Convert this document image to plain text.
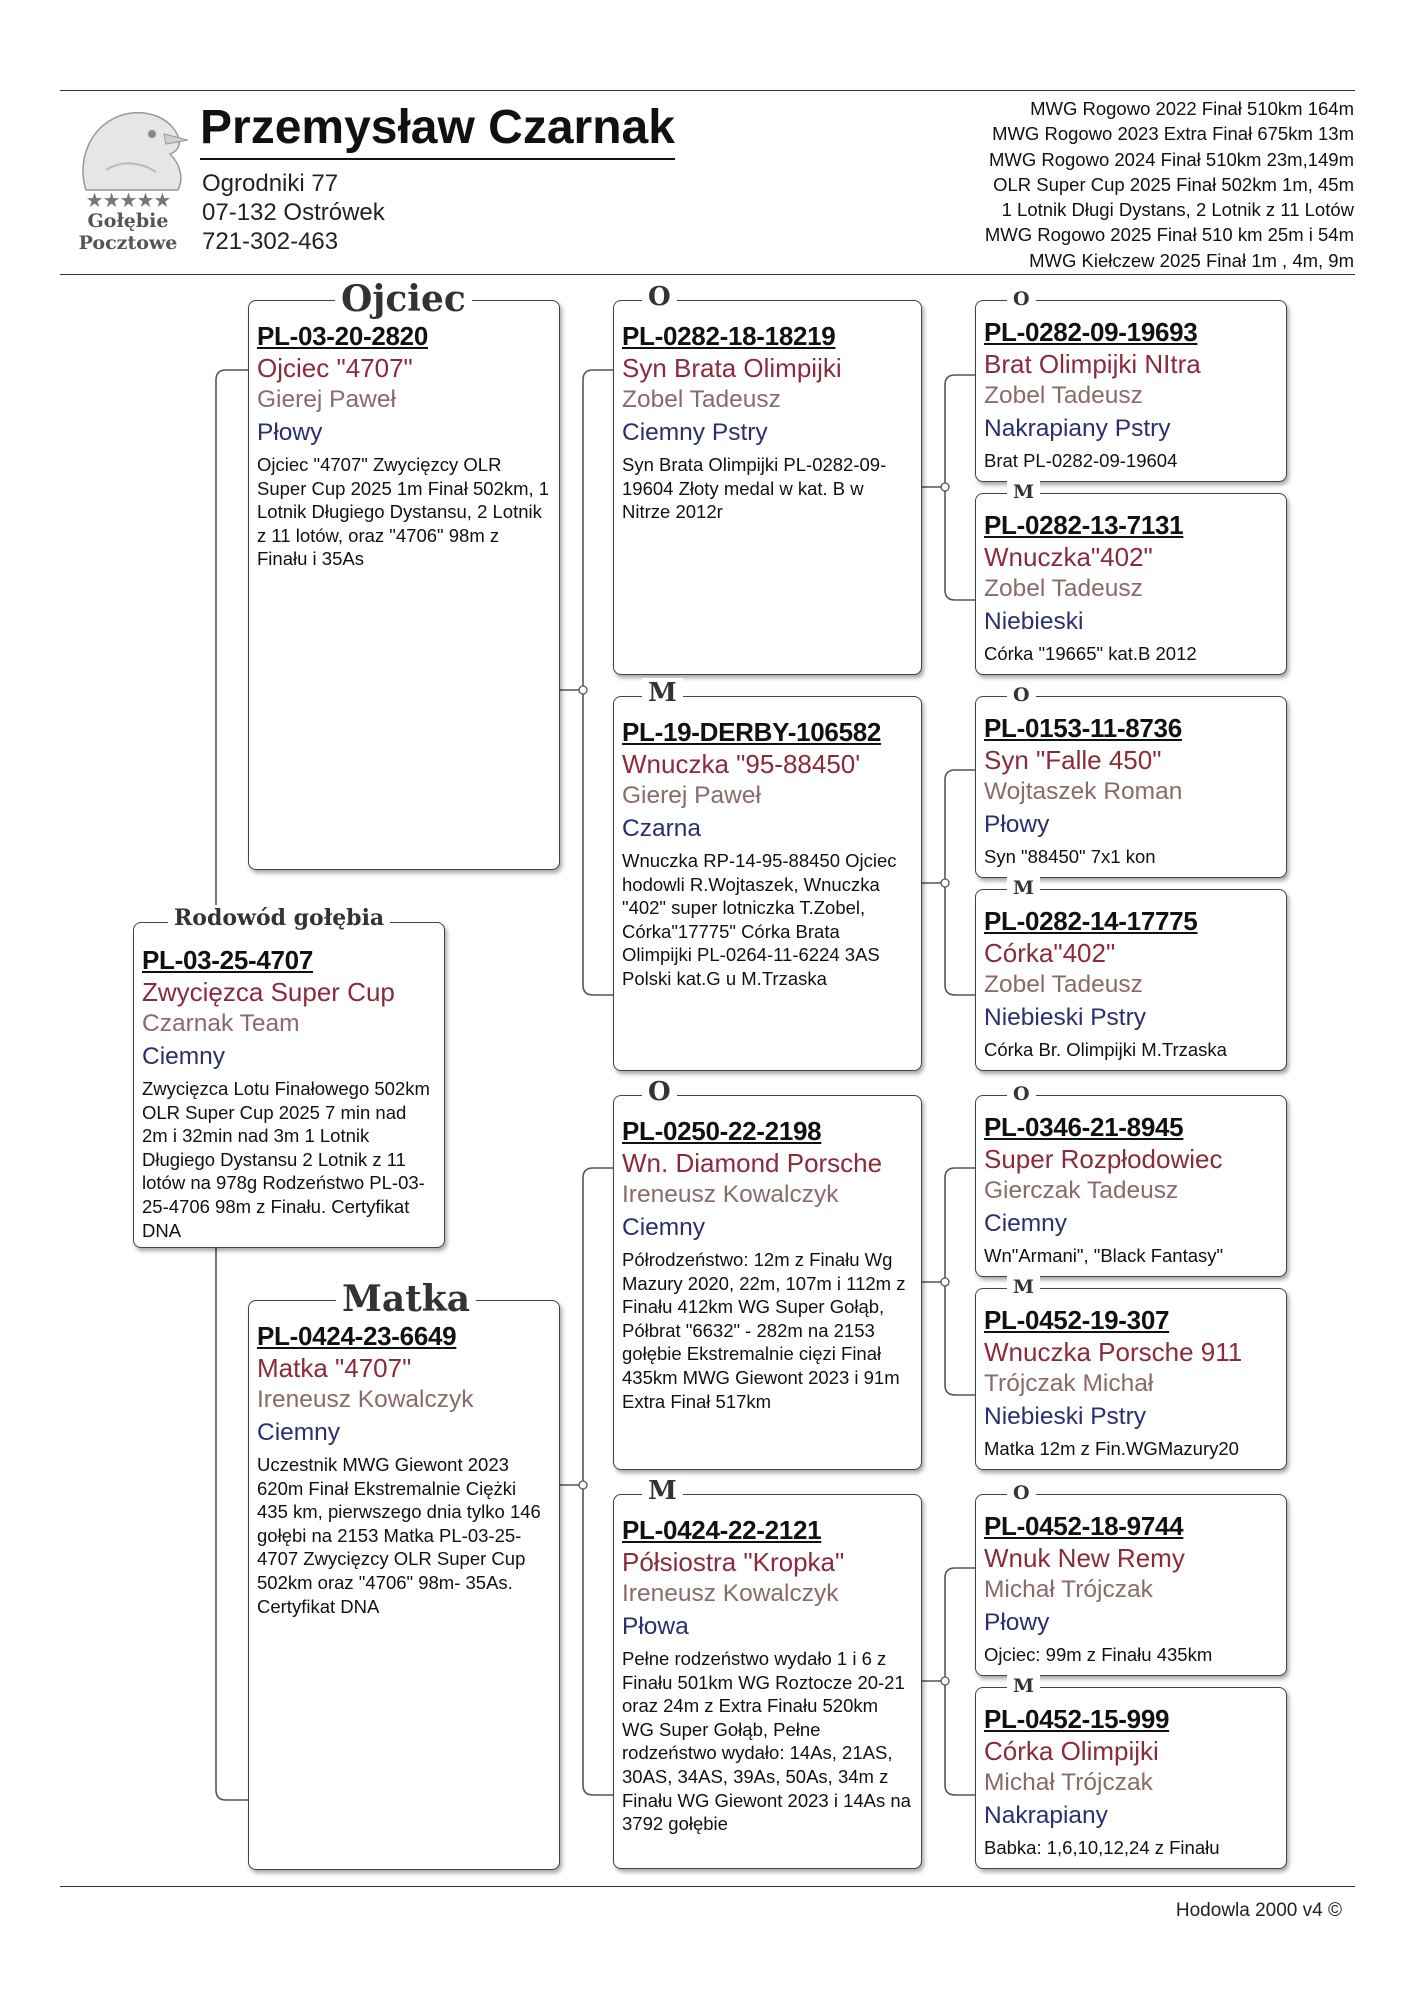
★★★★★
Gołębie
Pocztowe
Przemysław Czarnak
Ogrodniki 77
07-132 Ostrówek
721-302-463
MWG Rogowo 2022 Finał 510km 164m
MWG Rogowo 2023 Extra Finał 675km 13m
MWG Rogowo 2024 Finał 510km 23m,149m
OLR Super Cup 2025 Finał 502km 1m, 45m
1 Lotnik Długi Dystans, 2 Lotnik z 11 Lotów
MWG Rogowo 2025 Finał 510 km 25m i 54m
MWG Kiełczew 2025 Finał 1m , 4m, 9m
PL-03-25-4707
Zwycięzca Super Cup
Czarnak Team
Ciemny
Zwycięzca Lotu Finałowego 502km OLR Super Cup 2025 7 min nad 2m i 32min nad 3m 1 Lotnik Długiego Dystansu 2 Lotnik z 11 lotów na 978g Rodzeństwo PL-03-25-4706 98m z Finału. Certyfikat DNA
Rodowód gołębia
PL-03-20-2820
Ojciec "4707"
Gierej Paweł
Płowy
Ojciec "4707" Zwycięzcy OLR Super Cup 2025 1m Finał 502km, 1 Lotnik Długiego Dystansu, 2 Lotnik z 11 lotów, oraz "4706" 98m z Finału i 35As
Ojciec
PL-0424-23-6649
Matka "4707"
Ireneusz Kowalczyk
Ciemny
Uczestnik MWG Giewont 2023 620m Finał Ekstremalnie Ciężki 435 km, pierwszego dnia tylko 146 gołębi na 2153 Matka PL-03-25-4707 Zwycięzcy OLR Super Cup 502km oraz "4706" 98m- 35As. Certyfikat DNA
Matka
PL-0282-18-18219
Syn Brata Olimpijki
Zobel Tadeusz
Ciemny Pstry
Syn Brata Olimpijki PL-0282-09-19604 Złoty medal w kat. B w Nitrze 2012r
O
PL-19-DERBY-106582
Wnuczka "95-88450'
Gierej Paweł
Czarna
Wnuczka RP-14-95-88450 Ojciec hodowli R.Wojtaszek, Wnuczka "402" super lotniczka T.Zobel, Córka"17775" Córka Brata Olimpijki PL-0264-11-6224 3AS Polski kat.G u M.Trzaska
M
PL-0250-22-2198
Wn. Diamond Porsche
Ireneusz Kowalczyk
Ciemny
Półrodzeństwo: 12m z Finału Wg Mazury 2020, 22m, 107m i 112m z Finału 412km WG Super Gołąb, Półbrat "6632" - 282m na 2153 gołębie Ekstremalnie cięzi Finał 435km MWG Giewont 2023 i 91m Extra Finał 517km
O
PL-0424-22-2121
Półsiostra "Kropka"
Ireneusz Kowalczyk
Płowa
Pełne rodzeństwo wydało 1 i 6 z Finału 501km WG Roztocze 20-21 oraz 24m z Extra Finału 520km WG Super Gołąb, Pełne rodzeństwo wydało: 14As, 21AS, 30AS, 34AS, 39As, 50As, 34m z Finału WG Giewont 2023 i 14As na 3792 gołębie
M
PL-0282-09-19693
Brat Olimpijki NItra
Zobel Tadeusz
Nakrapiany Pstry
Brat PL-0282-09-19604
O
PL-0282-13-7131
Wnuczka"402"
Zobel Tadeusz
Niebieski
Córka "19665" kat.B 2012
M
PL-0153-11-8736
Syn "Falle 450"
Wojtaszek Roman
Płowy
Syn "88450" 7x1 kon
O
PL-0282-14-17775
Córka"402"
Zobel Tadeusz
Niebieski Pstry
Córka Br. Olimpijki M.Trzaska
M
PL-0346-21-8945
Super Rozpłodowiec
Gierczak Tadeusz
Ciemny
Wn"Armani", "Black Fantasy"
O
PL-0452-19-307
Wnuczka Porsche 911
Trójczak Michał
Niebieski Pstry
Matka 12m z Fin.WGMazury20
M
PL-0452-18-9744
Wnuk New Remy
Michał Trójczak
Płowy
Ojciec: 99m z Finału 435km
O
PL-0452-15-999
Córka Olimpijki
Michał Trójczak
Nakrapiany
Babka: 1,6,10,12,24 z Finału
M
Hodowla 2000 v4 ©
